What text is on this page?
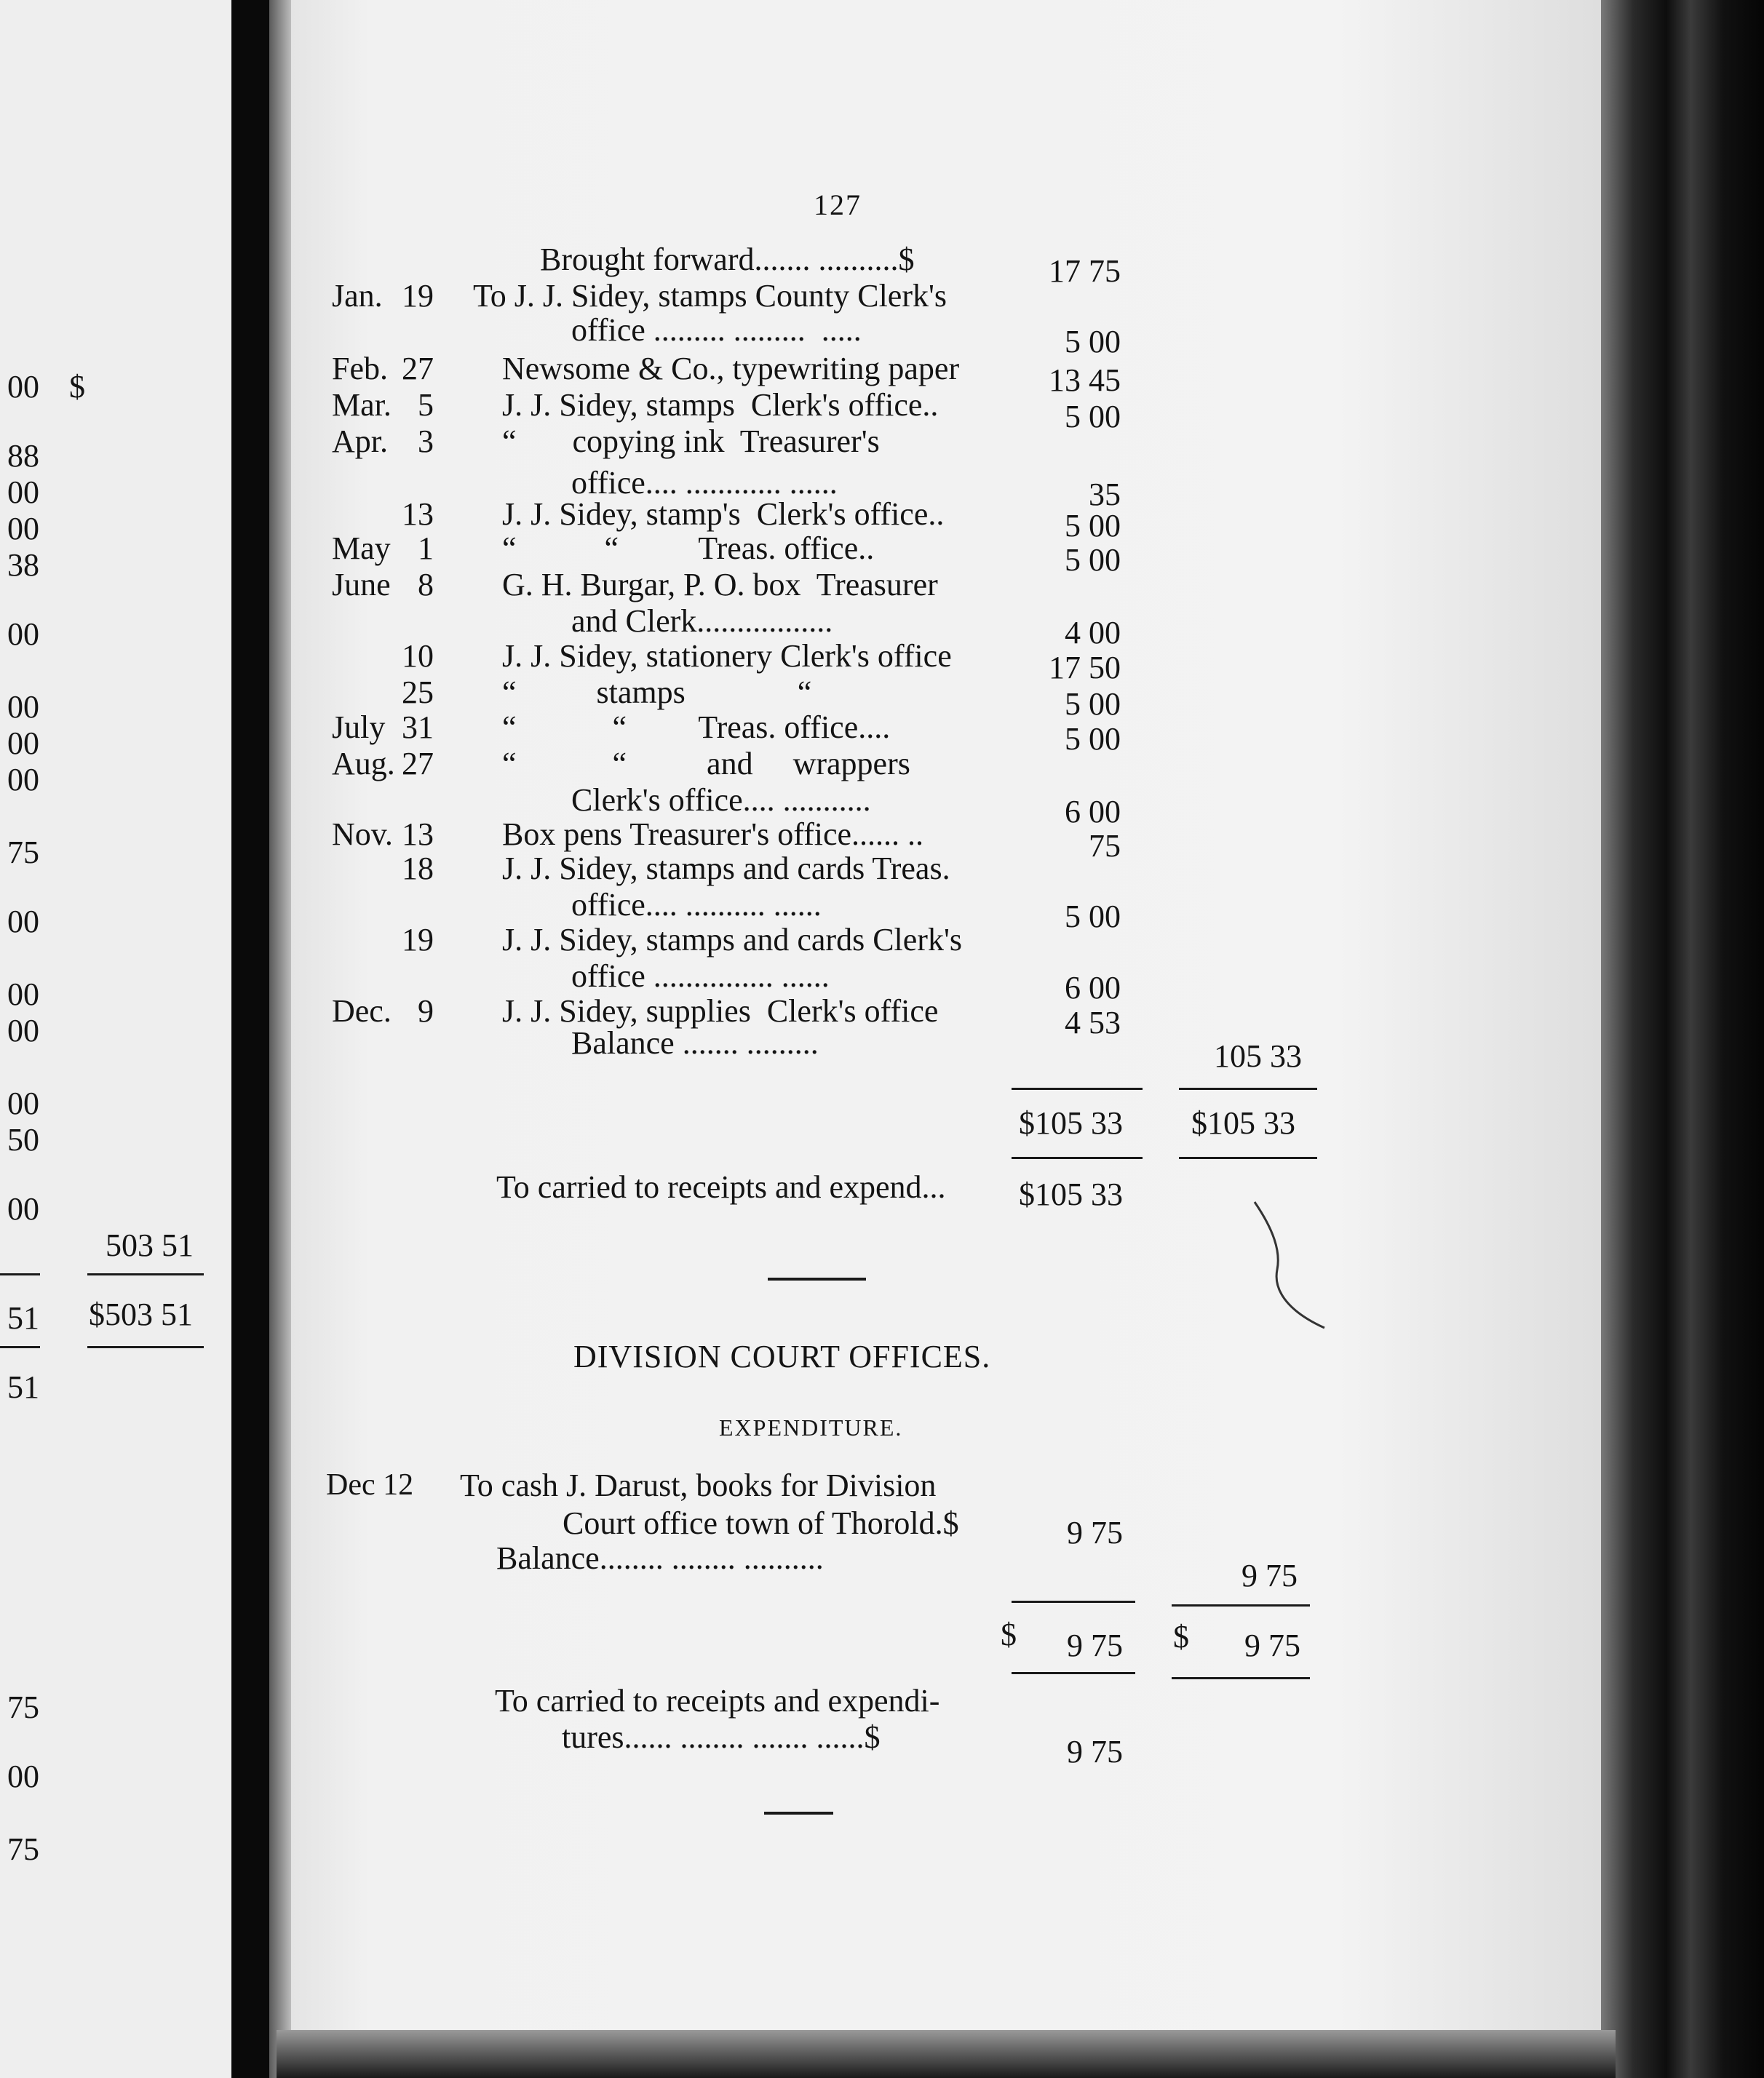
00 $
88
00
00
38
00
00
00
00
75
00
00
00
00
50
00
51
51
75
00
75
503 51
$503 51
127
Brought forward....... ..........$	17 75
Jan. 19 To J. J. Sidey, stamps County Clerk's
office ......... .........  .....	5 00
Feb. 27 Newsome & Co., typewriting paper	13 45
Mar. 5 J. J. Sidey, stamps  Clerk's office..	5 00
Apr. 3 “       copying ink  Treasurer's
office.... ............ ......	35
13 J. J. Sidey, stamp's  Clerk's office..	5 00
May 1 “           “          Treas. office..	5 00
June 8 G. H. Burgar, P. O. box  Treasurer
and Clerk.................	4 00
10 J. J. Sidey, stationery Clerk's office	17 50
25 “          stamps              “	5 00
July 31 “            “         Treas. office....	5 00
Aug. 27 “            “          and     wrappers
Clerk's office.... ...........	6 00
Nov. 13 Box pens Treasurer's office...... ..	75
18 J. J. Sidey, stamps and cards Treas.
office.... .......... ......	5 00
19 J. J. Sidey, stamps and cards Clerk's
office ............... ......	6 00
Dec. 9 J. J. Sidey, supplies  Clerk's office	4 53
Balance ....... .........	105 33
$105 33 $105 33
To carried to receipts and expend... $105 33
DIVISION COURT OFFICES.
EXPENDITURE.
Dec 12 To cash J. Darust, books for Division
Court office town of Thorold.$	9 75
Balance........ ........ ..........	9 75
$ 9 75 $ 9 75
To carried to receipts and expendi-
tures...... ........ ....... ......$	9 75
